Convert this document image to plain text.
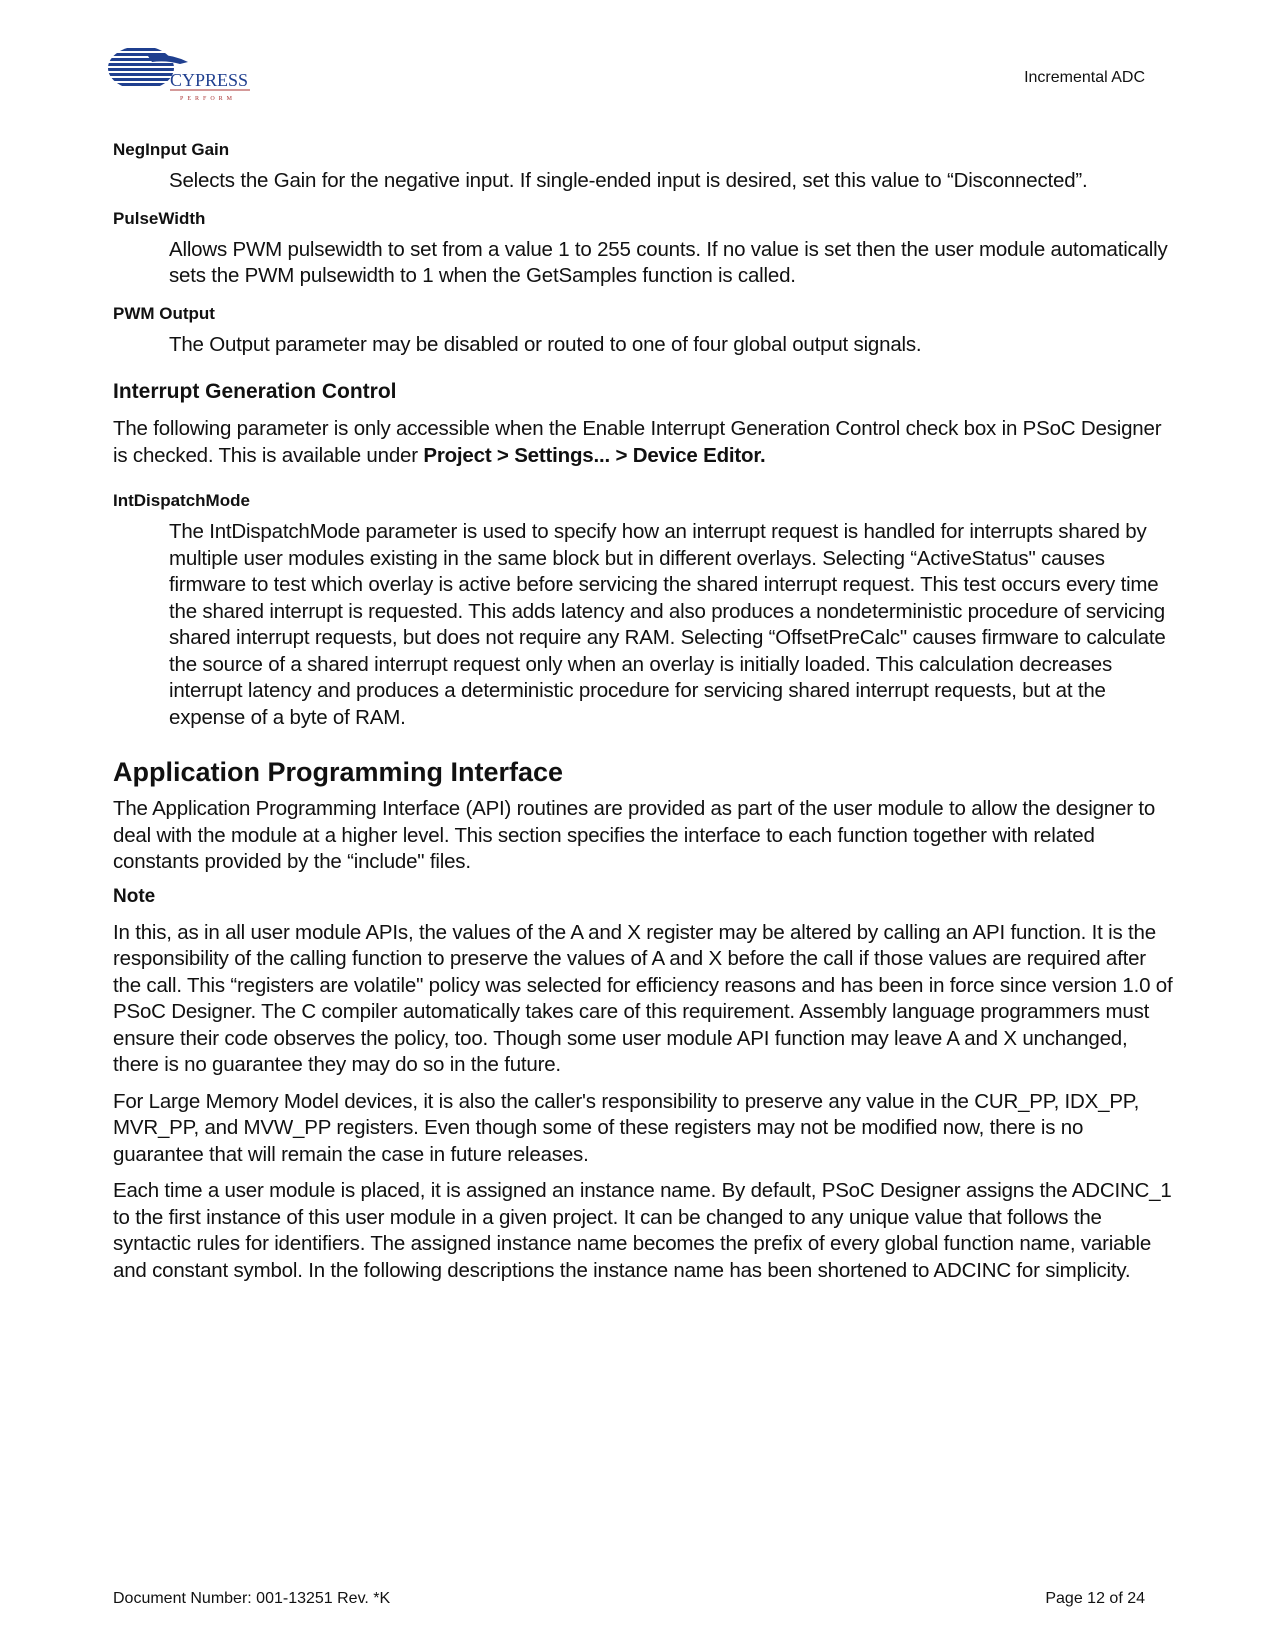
CYPRESS
PERFORM
Incremental ADC
NegInput Gain
Selects the Gain for the negative input. If single-ended input is desired, set this value to “Disconnected”.
PulseWidth
Allows PWM pulsewidth to set from a value 1 to 255 counts. If no value is set then the user module automatically sets the PWM pulsewidth to 1 when the GetSamples function is called.
PWM Output
The Output parameter may be disabled or routed to one of four global output signals.
Interrupt Generation Control

The following parameter is only accessible when the Enable Interrupt Generation Control check box in PSoC Designer is checked. This is available under Project > Settings... > Device Editor.

IntDispatchMode
The IntDispatchMode parameter is used to specify how an interrupt request is handled for interrupts shared by multiple user modules existing in the same block but in different overlays. Selecting “ActiveStatus" causes firmware to test which overlay is active before servicing the shared interrupt request. This test occurs every time the shared interrupt is requested. This adds latency and also produces a nondeterministic procedure of servicing shared interrupt requests, but does not require any RAM. Selecting “OffsetPreCalc" causes firmware to calculate the source of a shared interrupt request only when an overlay is initially loaded. This calculation decreases interrupt latency and produces a deterministic procedure for servicing shared interrupt requests, but at the expense of a byte of RAM.
Application Programming Interface

The Application Programming Interface (API) routines are provided as part of the user module to allow the designer to deal with the module at a higher level. This section specifies the interface to each function together with related constants provided by the “include" files.

Note

In this, as in all user module APIs, the values of the A and X register may be altered by calling an API function. It is the responsibility of the calling function to preserve the values of A and X before the call if those values are required after the call. This “registers are volatile" policy was selected for efficiency reasons and has been in force since version 1.0 of PSoC Designer. The C compiler automatically takes care of this requirement. Assembly language programmers must ensure their code observes the policy, too. Though some user module API function may leave A and X unchanged, there is no guarantee they may do so in the future.

For Large Memory Model devices, it is also the caller's responsibility to preserve any value in the CUR_PP, IDX_PP, MVR_PP, and MVW_PP registers. Even though some of these registers may not be modified now, there is no guarantee that will remain the case in future releases.

Each time a user module is placed, it is assigned an instance name. By default, PSoC Designer assigns the ADCINC_1 to the first instance of this user module in a given project. It can be changed to any unique value that follows the syntactic rules for identifiers. The assigned instance name becomes the prefix of every global function name, variable and constant symbol. In the following descriptions the instance name has been shortened to ADCINC for simplicity.

Document Number: 001-13251 Rev. *K	Page 12 of 24
